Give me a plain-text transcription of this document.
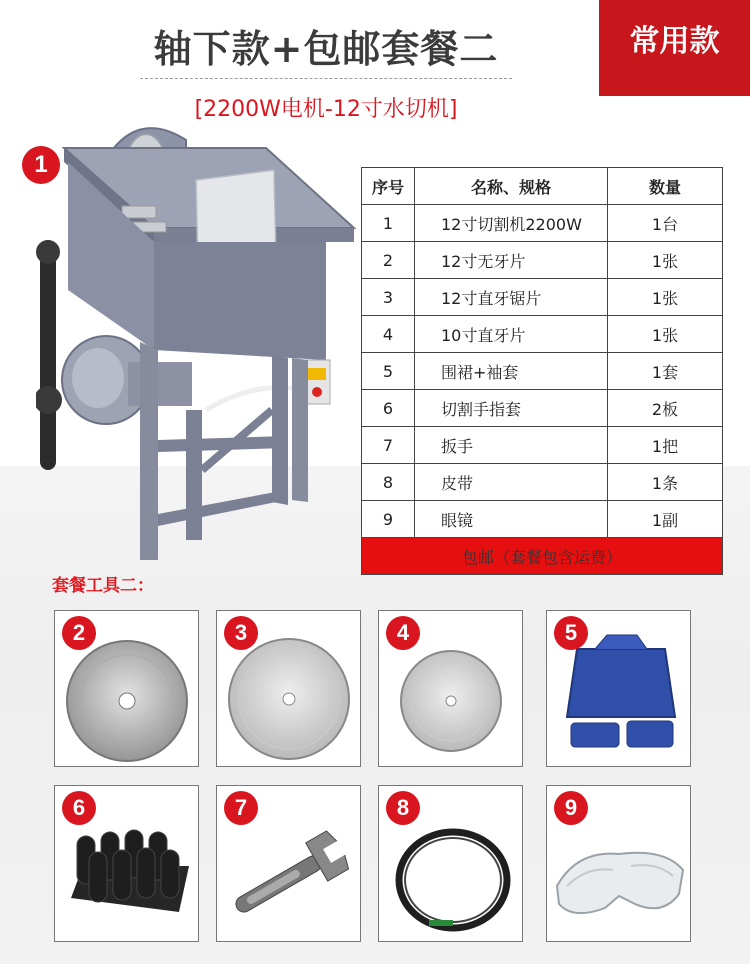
轴下款+包邮套餐二
[2200W电机-12寸水切机]
常用款
1
序号	名称、规格	数量
1	12寸切割机2200W	1台
2	12寸无牙片	1张
3	12寸直牙锯片	1张
4	10寸直牙片	1张
5	围裙+袖套	1套
6	切割手指套	2板
7	扳手	1把
8	皮带	1条
9	眼镜	1副
包邮（套餐包含运费）		
套餐工具二：
2	3	4	5
6	7	8	9
